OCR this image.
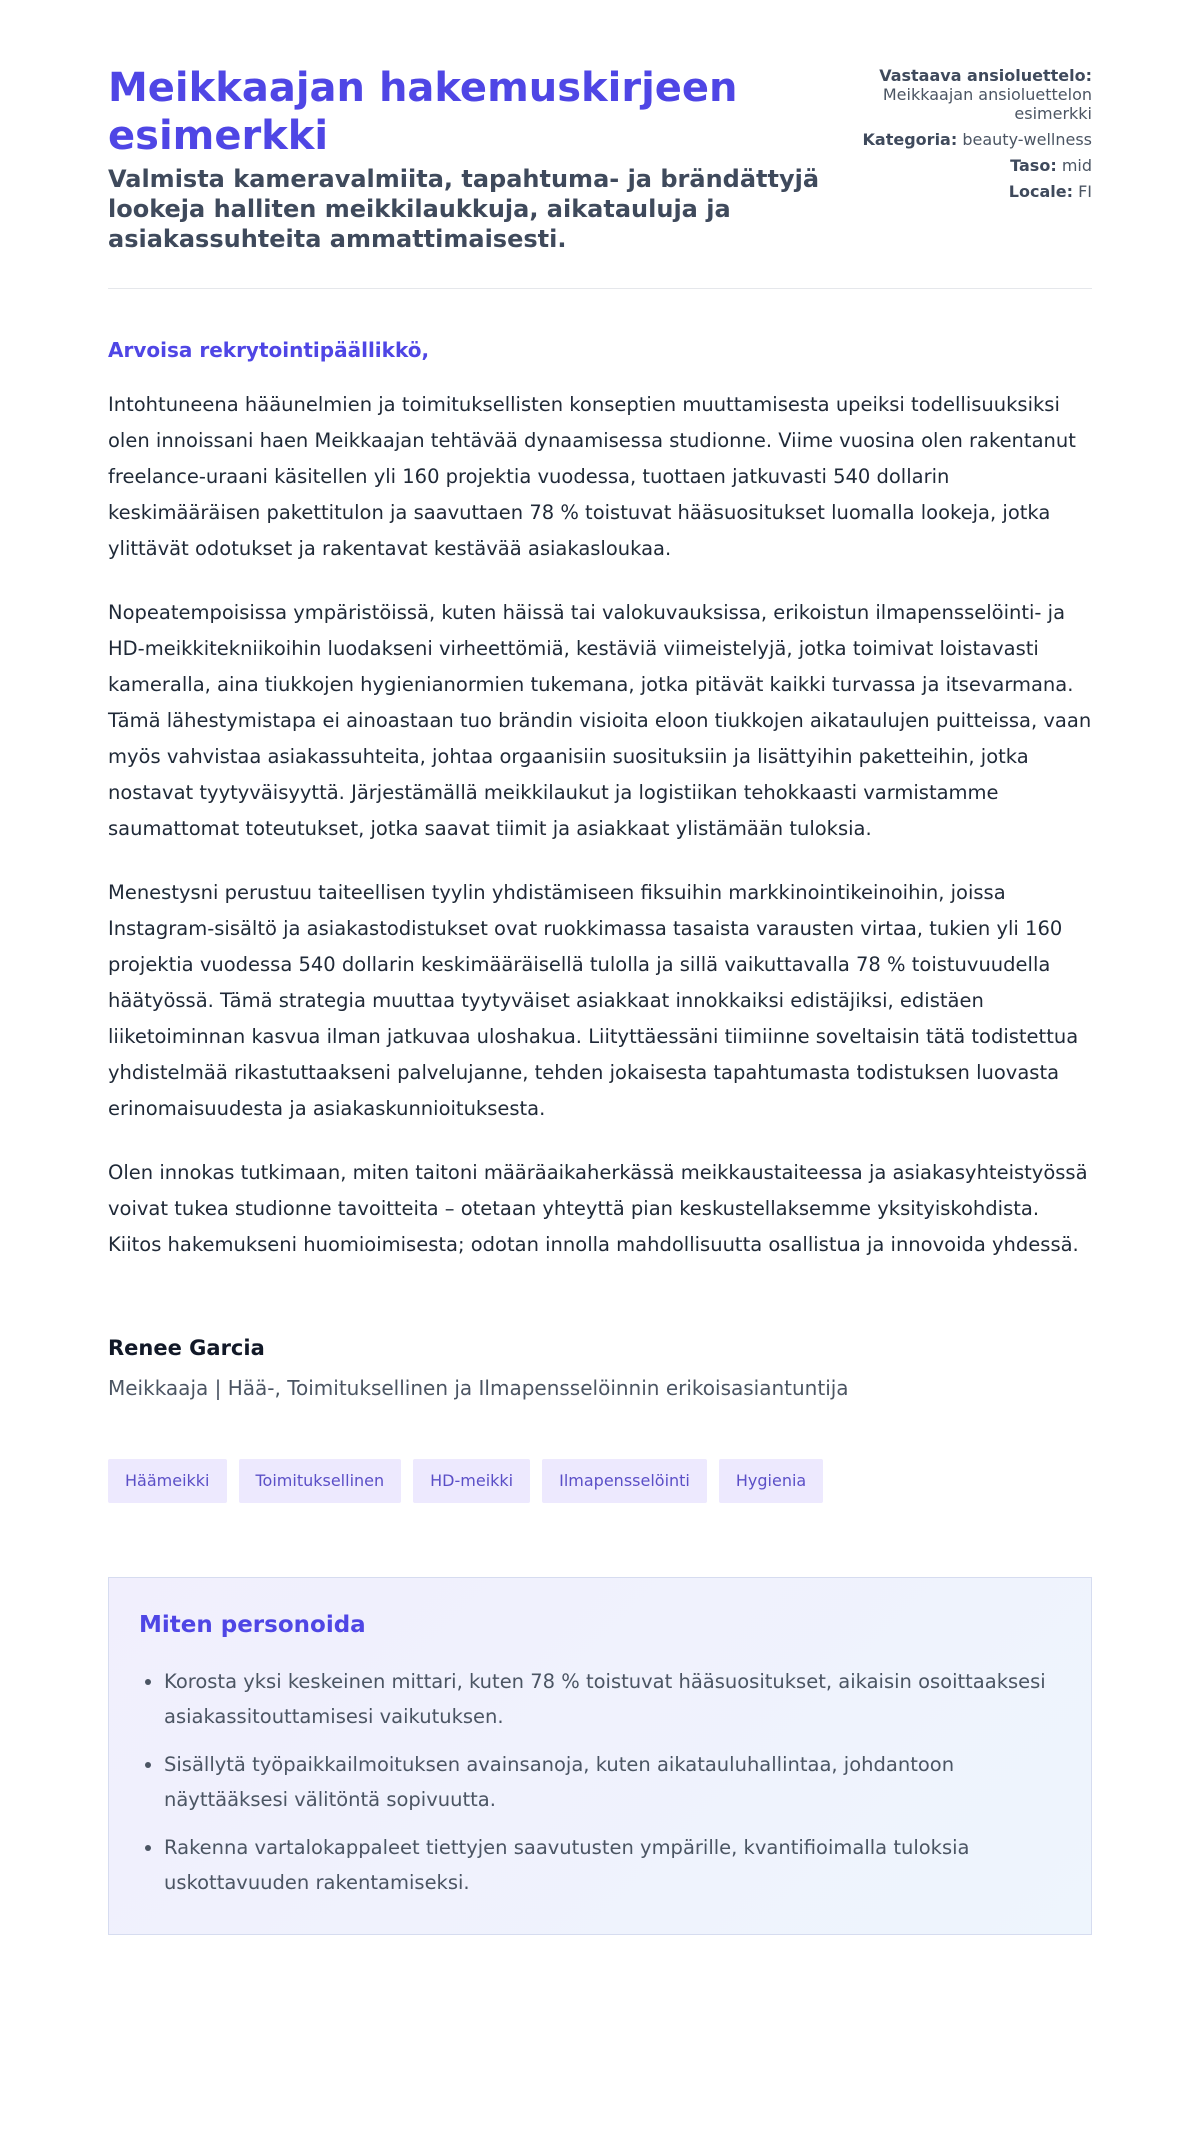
Meikkaajan hakemuskirjeen esimerkki
Valmista kameravalmiita, tapahtuma- ja brändättyjä lookeja halliten meikkilaukkuja, aikatauluja ja asiakassuhteita ammattimaisesti.
Vastaava ansioluettelo: Meikkaajan ansioluettelon esimerkki
Kategoria: beauty-wellness
Taso: mid
Locale: FI

Arvoisa rekrytointipäällikkö,

Intohtuneena hääunelmien ja toimituksellisten konseptien muuttamisesta upeiksi todellisuuksiksi olen innoissani haen Meikkaajan tehtävää dynaamisessa studionne. Viime vuosina olen rakentanut freelance-uraani käsitellen yli 160 projektia vuodessa, tuottaen jatkuvasti 540 dollarin keskimääräisen pakettitulon ja saavuttaen 78 % toistuvat hääsuositukset luomalla lookeja, jotka ylittävät odotukset ja rakentavat kestävää asiakasloukaa.

Nopeatempoisissa ympäristöissä, kuten häissä tai valokuvauksissa, erikoistun ilmapensselöinti- ja HD-meikkitekniikoihin luodakseni virheettömiä, kestäviä viimeistelyjä, jotka toimivat loistavasti kameralla, aina tiukkojen hygienianormien tukemana, jotka pitävät kaikki turvassa ja itsevarmana. Tämä lähestymistapa ei ainoastaan tuo brändin visioita eloon tiukkojen aikataulujen puitteissa, vaan myös vahvistaa asiakassuhteita, johtaa orgaanisiin suosituksiin ja lisättyihin paketteihin, jotka nostavat tyytyväisyyttä. Järjestämällä meikkilaukut ja logistiikan tehokkaasti varmistamme saumattomat toteutukset, jotka saavat tiimit ja asiakkaat ylistämään tuloksia.

Menestysni perustuu taiteellisen tyylin yhdistämiseen fiksuihin markkinointikeinoihin, joissa Instagram-sisältö ja asiakastodistukset ovat ruokkimassa tasaista varausten virtaa, tukien yli 160 projektia vuodessa 540 dollarin keskimääräisellä tulolla ja sillä vaikuttavalla 78 % toistuvuudella häätyössä. Tämä strategia muuttaa tyytyväiset asiakkaat innokkaiksi edistäjiksi, edistäen liiketoiminnan kasvua ilman jatkuvaa uloshakua. Liityttäessäni tiimiinne soveltaisin tätä todistettua yhdistelmää rikastuttaakseni palvelujanne, tehden jokaisesta tapahtumasta todistuksen luovasta erinomaisuudesta ja asiakaskunnioituksesta.

Olen innokas tutkimaan, miten taitoni määräaikaherkässä meikkaustaiteessa ja asiakasyhteistyössä voivat tukea studionne tavoitteita – otetaan yhteyttä pian keskustellaksemme yksityiskohdista. Kiitos hakemukseni huomioimisesta; odotan innolla mahdollisuutta osallistua ja innovoida yhdessä.

Renee Garcia
Meikkaaja | Hää-, Toimituksellinen ja Ilmapensselöinnin erikoisasiantuntija
Häämeikki	Toimituksellinen	HD-meikki	Ilmapensselöinti	Hygienia
Miten personoida
• Korosta yksi keskeinen mittari, kuten 78 % toistuvat hääsuositukset, aikaisin osoittaaksesi asiakassitouttamisesi vaikutuksen.
• Sisällytä työpaikkailmoituksen avainsanoja, kuten aikatauluhallintaa, johdantoon näyttääksesi välitöntä sopivuutta.
• Rakenna vartalokappaleet tiettyjen saavutusten ympärille, kvantifioimalla tuloksia uskottavuuden rakentamiseksi.
